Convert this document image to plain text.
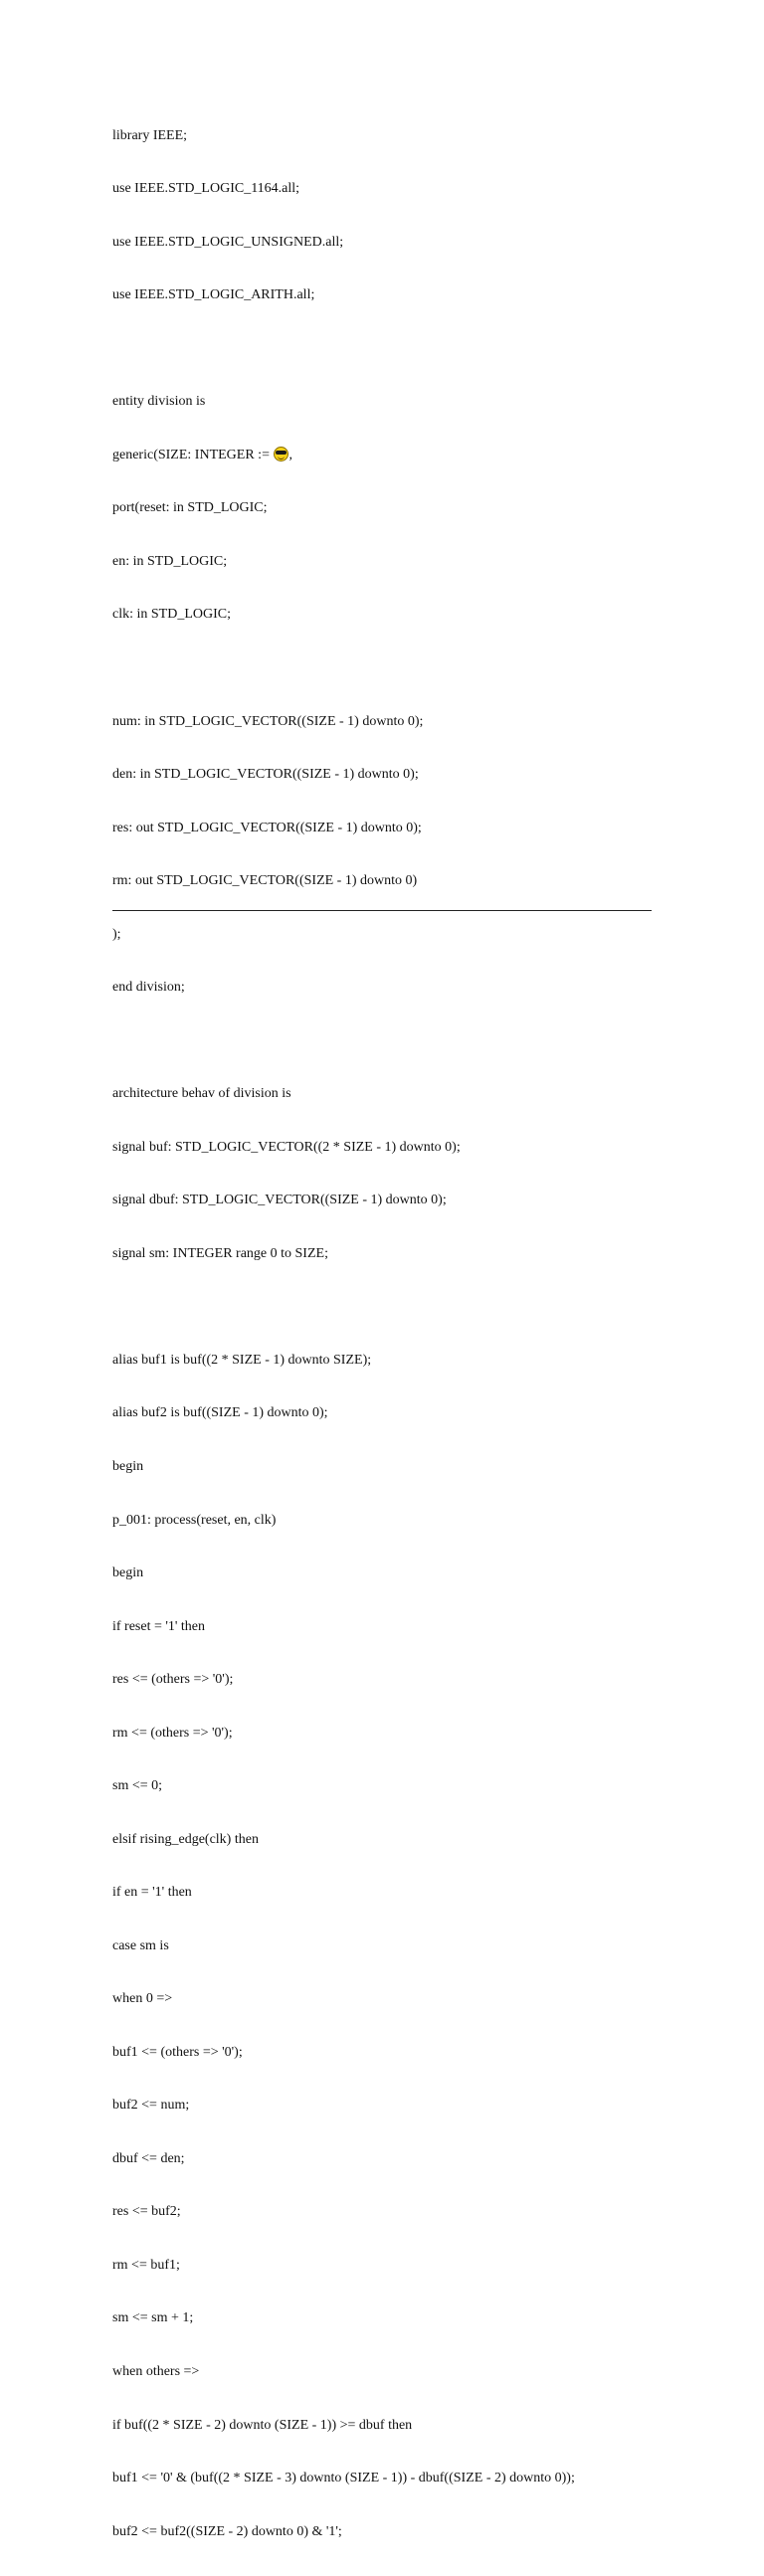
library IEEE;

use IEEE.STD_LOGIC_1164.all;

use IEEE.STD_LOGIC_UNSIGNED.all;

use IEEE.STD_LOGIC_ARITH.all;

entity division is

generic(SIZE: INTEGER := ,

port(reset: in STD_LOGIC;

en: in STD_LOGIC;

clk: in STD_LOGIC;

num: in STD_LOGIC_VECTOR((SIZE - 1) downto 0);

den: in STD_LOGIC_VECTOR((SIZE - 1) downto 0);

res: out STD_LOGIC_VECTOR((SIZE - 1) downto 0);

rm: out STD_LOGIC_VECTOR((SIZE - 1) downto 0)

);

end division;

architecture behav of division is

signal buf: STD_LOGIC_VECTOR((2 * SIZE - 1) downto 0);

signal dbuf: STD_LOGIC_VECTOR((SIZE - 1) downto 0);

signal sm: INTEGER range 0 to SIZE;

alias buf1 is buf((2 * SIZE - 1) downto SIZE);

alias buf2 is buf((SIZE - 1) downto 0);

begin

p_001: process(reset, en, clk)

begin

if reset = '1' then

res <= (others => '0');

rm <= (others => '0');

sm <= 0;

elsif rising_edge(clk) then

if en = '1' then

case sm is

when 0 =>

buf1 <= (others => '0');

buf2 <= num;

dbuf <= den;

res <= buf2;

rm <= buf1;

sm <= sm + 1;

when others =>

if buf((2 * SIZE - 2) downto (SIZE - 1)) >= dbuf then

buf1 <= '0' & (buf((2 * SIZE - 3) downto (SIZE - 1)) - dbuf((SIZE - 2) downto 0));

buf2 <= buf2((SIZE - 2) downto 0) & '1';
